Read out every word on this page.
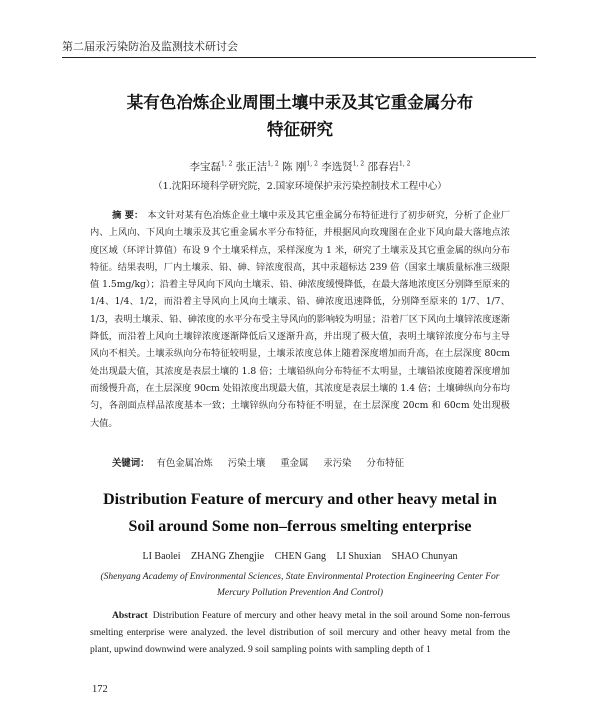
第二届汞污染防治及监测技术研讨会
某有色冶炼企业周围土壤中汞及其它重金属分布
特征研究
李宝磊$^{1, 2}$ 张正洁$^{1, 2}$ 陈 刚$^{1, 2}$ 李选贤$^{1, 2}$ 邵春岩$^{1, 2}$
（1.沈阳环境科学研究院，2.国家环境保护汞污染控制技术工程中心）
摘 要： 本文针对某有色冶炼企业土壤中汞及其它重金属分布特征进行了初步研究，分析了企业厂内、上风向、下风向土壤汞及其它重金属水平分布特征，并根据风向玫瑰图在企业下风向最大落地点浓度区域（环评计算值）布设 9 个土壤采样点，采样深度为 1 米，研究了土壤汞及其它重金属的纵向分布特征。结果表明，厂内土壤汞、铅、砷、锌浓度很高，其中汞超标达 239 倍（国家土壤质量标准三级限值 1.5mg/kg）；沿着主导风向下风向土壤汞、铅、砷浓度缓慢降低，在最大落地浓度区分别降至原来的 1/4、1/4、1/2，而沿着主导风向上风向土壤汞、铅、砷浓度迅速降低，分别降至原来的 1/7、1/7、1/3，表明土壤汞、铅、砷浓度的水平分布受主导风向的影响较为明显；沿着厂区下风向土壤锌浓度逐渐降低，而沿着上风向土壤锌浓度逐渐降低后又逐渐升高，并出现了极大值，表明土壤锌浓度分布与主导风向不相关。土壤汞纵向分布特征较明显，土壤汞浓度总体上随着深度增加而升高，在土层深度 80cm 处出现最大值，其浓度是表层土壤的 1.8 倍；土壤铅纵向分布特征不太明显，土壤铅浓度随着深度增加而缓慢升高，在土层深度 90cm 处铅浓度出现最大值，其浓度是表层土壤的 1.4 倍；土壤砷纵向分布均匀，各剖面点样品浓度基本一致；土壤锌纵向分布特征不明显，在土层深度 20cm 和 60cm 处出现极大值。
关键词： 有色金属冶炼 污染土壤 重金属 汞污染 分布特征
Distribution Feature of mercury and other heavy metal in
Soil around Some non–ferrous smelting enterprise
LI Baolei ZHANG Zhengjie CHEN Gang LI Shuxian SHAO Chunyan
(Shenyang Academy of Environmental Sciences, State Environmental Protection Engineering Center For Mercury Pollution Prevention And Control)
Abstract Distribution Feature of mercury and other heavy metal in the soil around Some non-ferrous smelting enterprise were analyzed. the level distribution of soil mercury and other heavy metal from the plant, upwind downwind were analyzed. 9 soil sampling points with sampling depth of 1
172
